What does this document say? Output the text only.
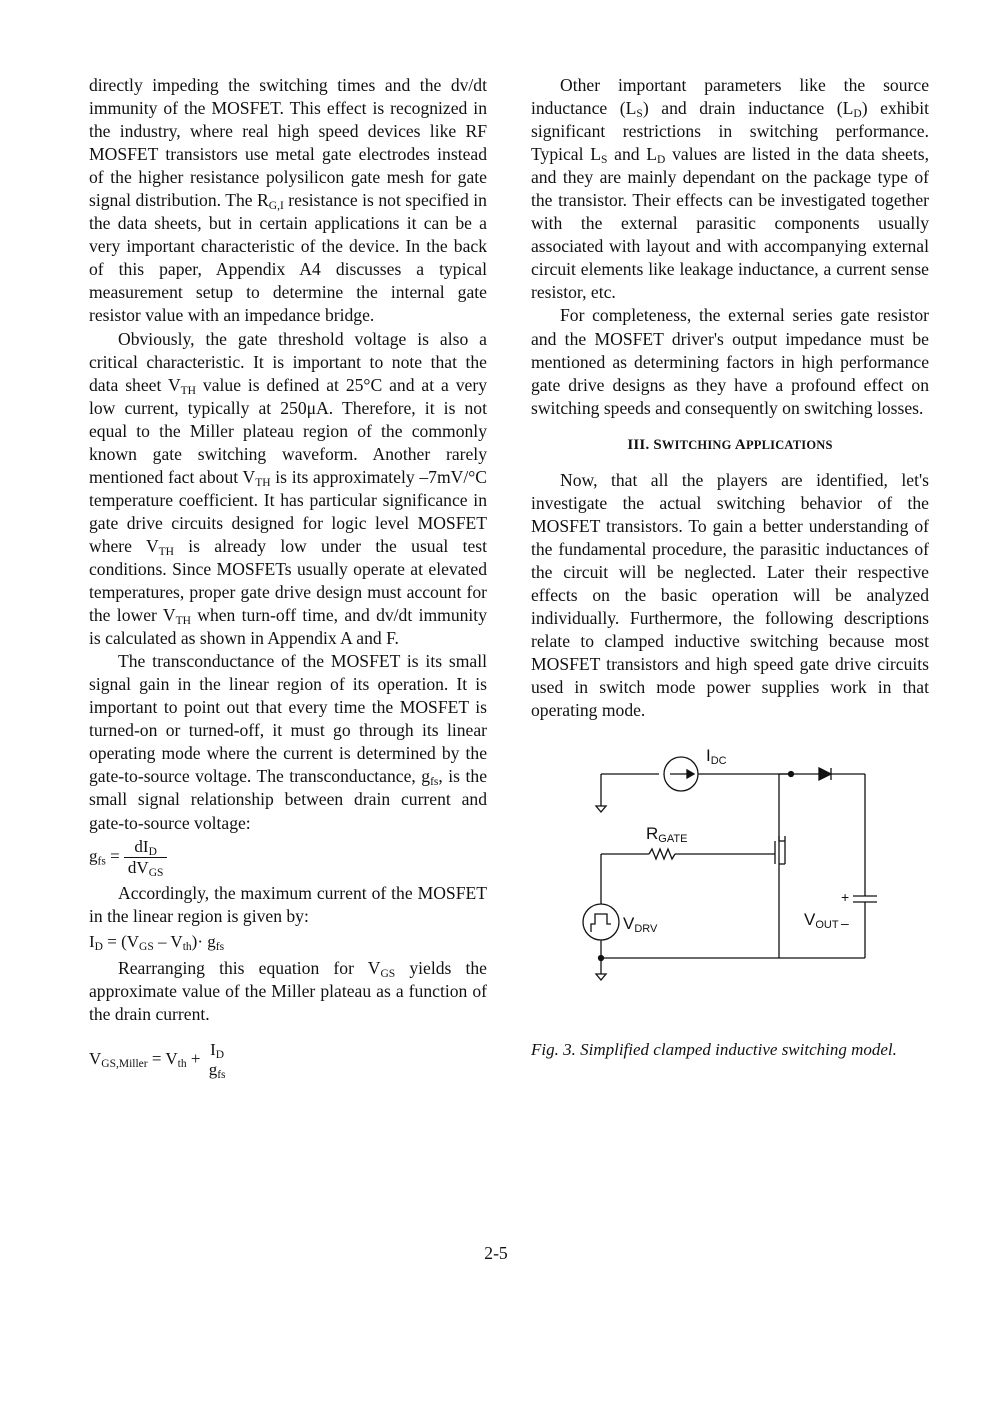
directly impeding the switching times and the dv/dt immunity of the MOSFET. This effect is recognized in the industry, where real high speed devices like RF MOSFET transistors use metal gate electrodes instead of the higher resistance polysilicon gate mesh for gate signal distribution. The $R_{G,I}$ resistance is not specified in the data sheets, but in certain applications it can be a very important characteristic of the device. In the back of this paper, Appendix A4 discusses a typical measurement setup to determine the internal gate resistor value with an impedance bridge.

Obviously, the gate threshold voltage is also a critical characteristic. It is important to note that the data sheet $V_{TH}$ value is defined at 25°C and at a very low current, typically at 250μA. Therefore, it is not equal to the Miller plateau region of the commonly known gate switching waveform. Another rarely mentioned fact about $V_{TH}$ is its approximately –7mV/°C temperature coefficient. It has particular significance in gate drive circuits designed for logic level MOSFET where $V_{TH}$ is already low under the usual test conditions. Since MOSFETs usually operate at elevated temperatures, proper gate drive design must account for the lower $V_{TH}$ when turn-off time, and dv/dt immunity is calculated as shown in Appendix A and F.

The transconductance of the MOSFET is its small signal gain in the linear region of its operation. It is important to point out that every time the MOSFET is turned-on or turned-off, it must go through its linear operating mode where the current is determined by the gate-to-source voltage. The transconductance, $g_{fs}$, is the small signal relationship between drain current and gate-to-source voltage:

$g_{fs} = \frac{dI_D}{dV_{GS}}$

Accordingly, the maximum current of the MOSFET in the linear region is given by:

$I_D = (V_{GS} - V_{th})\cdot g_{fs}$

Rearranging this equation for $V_{GS}$ yields the approximate value of the Miller plateau as a function of the drain current.

$V_{GS,Miller} = V_{th} + I_D$
$g_{fs}$

Other important parameters like the source inductance $(L_S)$ and drain inductance $(L_D)$ exhibit significant restrictions in switching performance. Typical $L_S$ and $L_D$ values are listed in the data sheets, and they are mainly dependant on the package type of the transistor. Their effects can be investigated together with the external parasitic components usually associated with layout and with accompanying external circuit elements like leakage inductance, a current sense resistor, etc.

For completeness, the external series gate resistor and the MOSFET driver's output impedance must be mentioned as determining factors in high performance gate drive designs as they have a profound effect on switching speeds and consequently on switching losses.

III. SWITCHING APPLICATIONS

Now, that all the players are identified, let's investigate the actual switching behavior of the MOSFET transistors. To gain a better understanding of the fundamental procedure, the parasitic inductances of the circuit will be neglected. Later their respective effects on the basic operation will be analyzed individually. Furthermore, the following descriptions relate to clamped inductive switching because most MOSFET transistors and high speed gate drive circuits used in switch mode power supplies work in that operating mode.

$I_{DC}$
$R_{GATE}$
$V_{DRV}$	$V_{OUT}$
+
–
Fig. 3. Simplified clamped inductive switching model.
2-5
